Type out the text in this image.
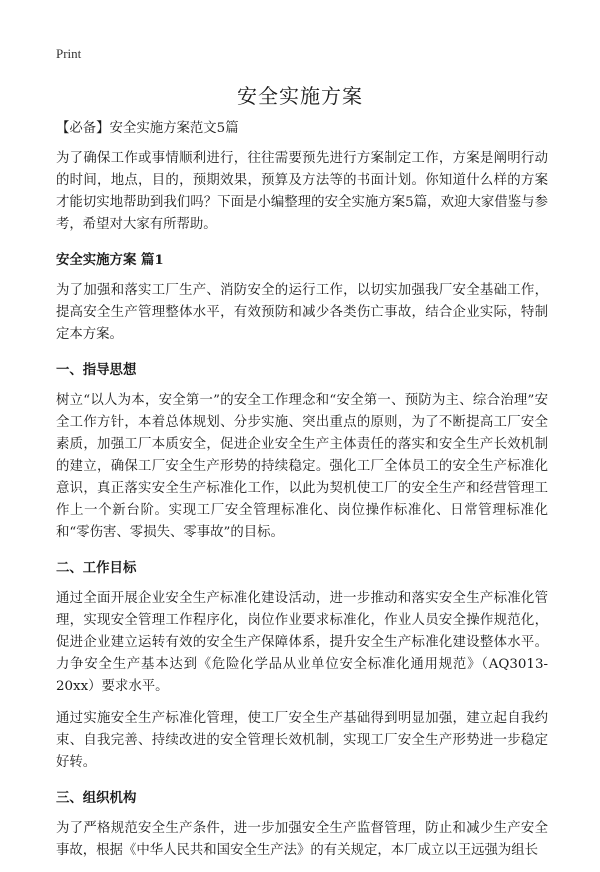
Print
安全实施方案

【必备】安全实施方案范文5篇

为了确保工作或事情顺利进行，往往需要预先进行方案制定工作，方案是阐明行动的时间，地点，目的，预期效果，预算及方法等的书面计划。你知道什么样的方案才能切实地帮助到我们吗？下面是小编整理的安全实施方案5篇，欢迎大家借鉴与参考，希望对大家有所帮助。

安全实施方案 篇1

为了加强和落实工厂生产、消防安全的运行工作，以切实加强我厂安全基础工作，提高安全生产管理整体水平，有效预防和减少各类伤亡事故，结合企业实际，特制定本方案。

一、指导思想

树立“以人为本，安全第一”的安全工作理念和“安全第一、预防为主、综合治理”安全工作方针，本着总体规划、分步实施、突出重点的原则，为了不断提高工厂安全素质，加强工厂本质安全，促进企业安全生产主体责任的落实和安全生产长效机制的建立，确保工厂安全生产形势的持续稳定。强化工厂全体员工的安全生产标准化意识，真正落实安全生产标准化工作，以此为契机使工厂的安全生产和经营管理工作上一个新台阶。实现工厂安全管理标准化、岗位操作标准化、日常管理标准化和“零伤害、零损失、零事故”的目标。

二、工作目标

通过全面开展企业安全生产标准化建设活动，进一步推动和落实安全生产标准化管理，实现安全管理工作程序化，岗位作业要求标准化，作业人员安全操作规范化，促进企业建立运转有效的安全生产保障体系，提升安全生产标准化建设整体水平。力争安全生产基本达到《危险化学品从业单位安全标准化通用规范》（AQ3013-20xx）要求水平。

通过实施安全生产标准化管理，使工厂安全生产基础得到明显加强，建立起自我约束、自我完善、持续改进的安全管理长效机制，实现工厂安全生产形势进一步稳定好转。

三、组织机构

为了严格规范安全生产条件，进一步加强安全生产监督管理，防止和减少生产安全事故，根据《中华人民共和国安全生产法》的有关规定，本厂成立以王远强为组长
